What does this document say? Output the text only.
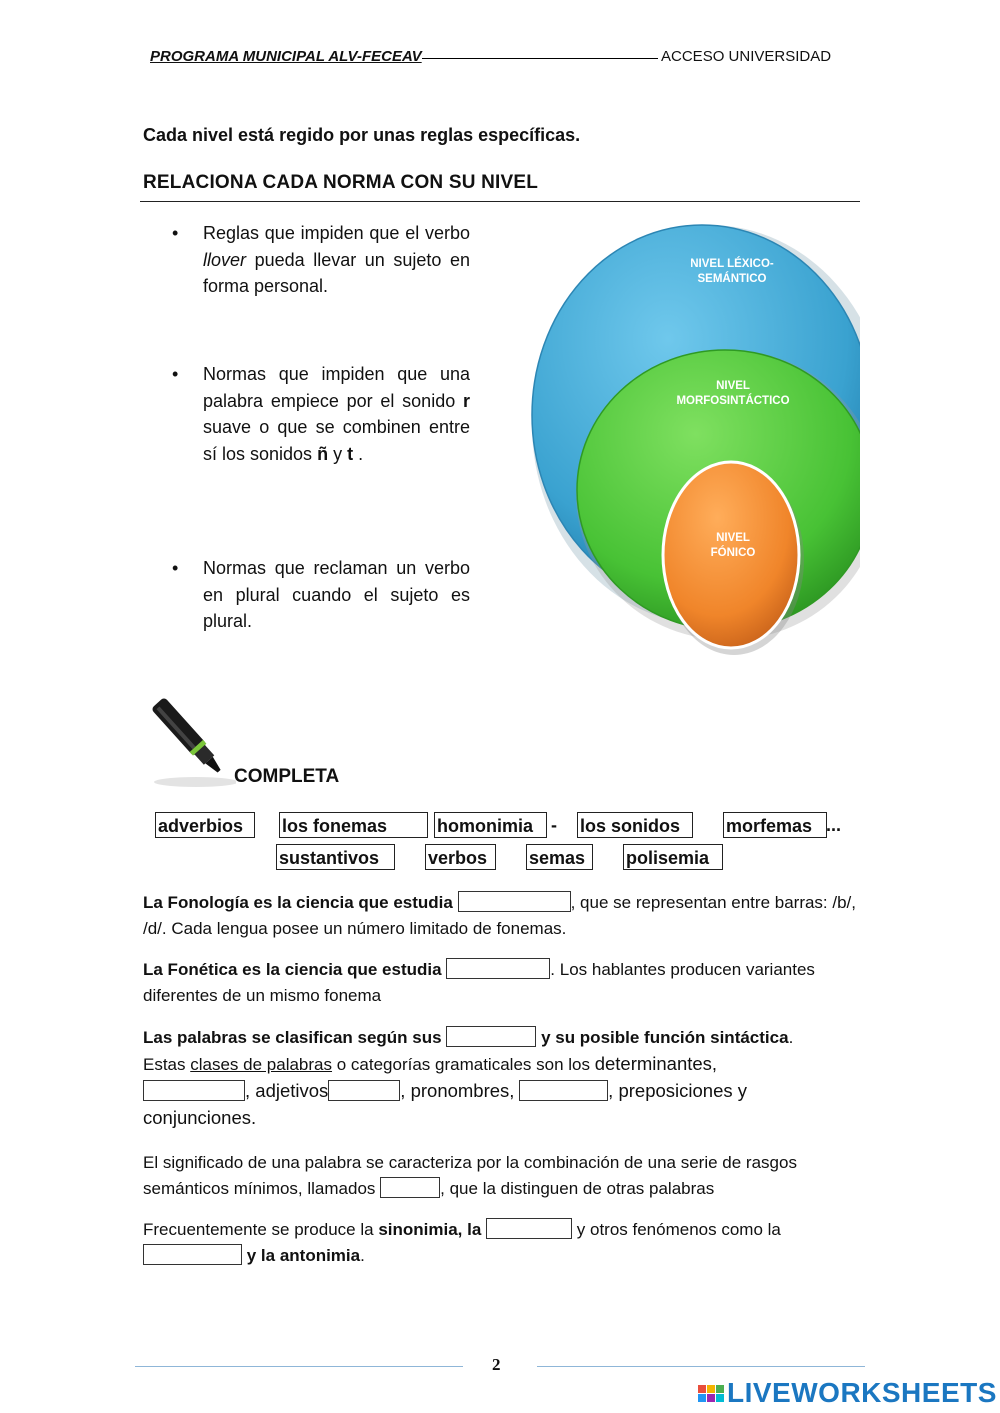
PROGRAMA MUNICIPAL ALV-FECEAV	ACCESO UNIVERSIDAD
Cada nivel está regido por unas reglas específicas.
RELACIONA CADA NORMA CON SU NIVEL
• Reglas que impiden que el verbo llover pueda llevar un sujeto en forma personal.
• Normas que impiden que una palabra empiece por el sonido r suave o que se combinen entre sí los sonidos ñ y t .
• Normas que reclaman un verbo en plural cuando el sujeto es plural.
NIVEL LÉXICO-
SEMÁNTICO
NIVEL
MORFOSINTÁCTICO
NIVEL
FÓNICO
COMPLETA
adverbios	los fonemas	homonimia - los sonidos	morfemas ...
sustantivos	verbos	semas	polisemia
La Fonología es la ciencia que estudia	, que se representan entre barras: /b/, /d/. Cada lengua posee un número limitado de fonemas.
La Fonética es la ciencia que estudia	. Los hablantes producen variantes diferentes de un mismo fonema
Las palabras se clasifican según sus	y su posible función sintáctica.
Estas clases de palabras o categorías gramaticales son los determinantes,
, adjetivos	, pronombres,	, preposiciones y
conjunciones.
El significado de una palabra se caracteriza por la combinación de una serie de rasgos semánticos mínimos, llamados	, que la distinguen de otras palabras
Frecuentemente se produce la sinonimia, la	y otros fenómenos como la
y la antonimia.
2
LIVEWORKSHEETS
